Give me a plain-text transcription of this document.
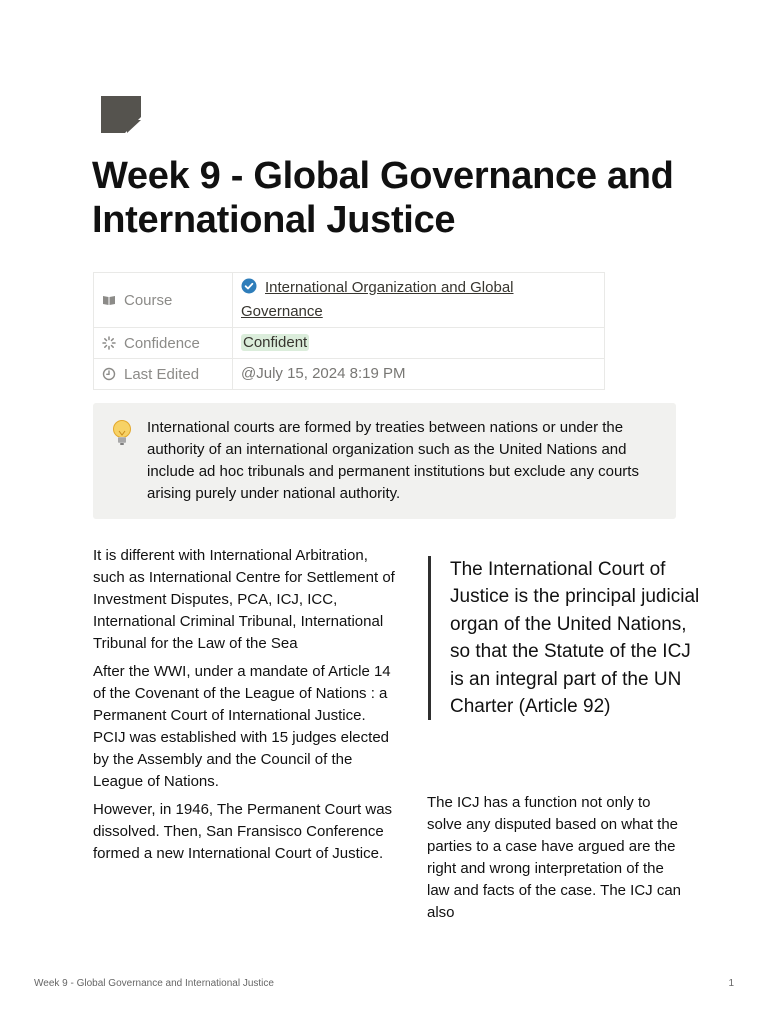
Week 9 - Global Governance and International Justice
Course	International Organization and Global Governance

Confidence	Confident

Last Edited	@July 15, 2024 8:19 PM

International courts are formed by treaties between nations or under the authority of an international organization such as the United Nations and include ad hoc tribunals and permanent institutions but exclude any courts arising purely under national authority.

It is different with International Arbitration, such as International Centre for Settlement of Investment Disputes, PCA, ICJ, ICC, International Criminal Tribunal, International Tribunal for the Law of the Sea

After the WWI, under a mandate of Article 14 of the Covenant of the League of Nations : a Permanent Court of International Justice. PCIJ was established with 15 judges elected by the Assembly and the Council of the League of Nations.

However, in 1946, The Permanent Court was dissolved. Then, San Fransisco Conference formed a new International Court of Justice.

The International Court of Justice is the principal judicial organ of the United Nations, so that the Statute of the ICJ is an integral part of the UN Charter (Article 92)

The ICJ has a function not only to solve any disputed based on what the parties to a case have argued are the right and wrong interpretation of the law and facts of the case. The ICJ can also

Week 9 - Global Governance and International Justice	1
